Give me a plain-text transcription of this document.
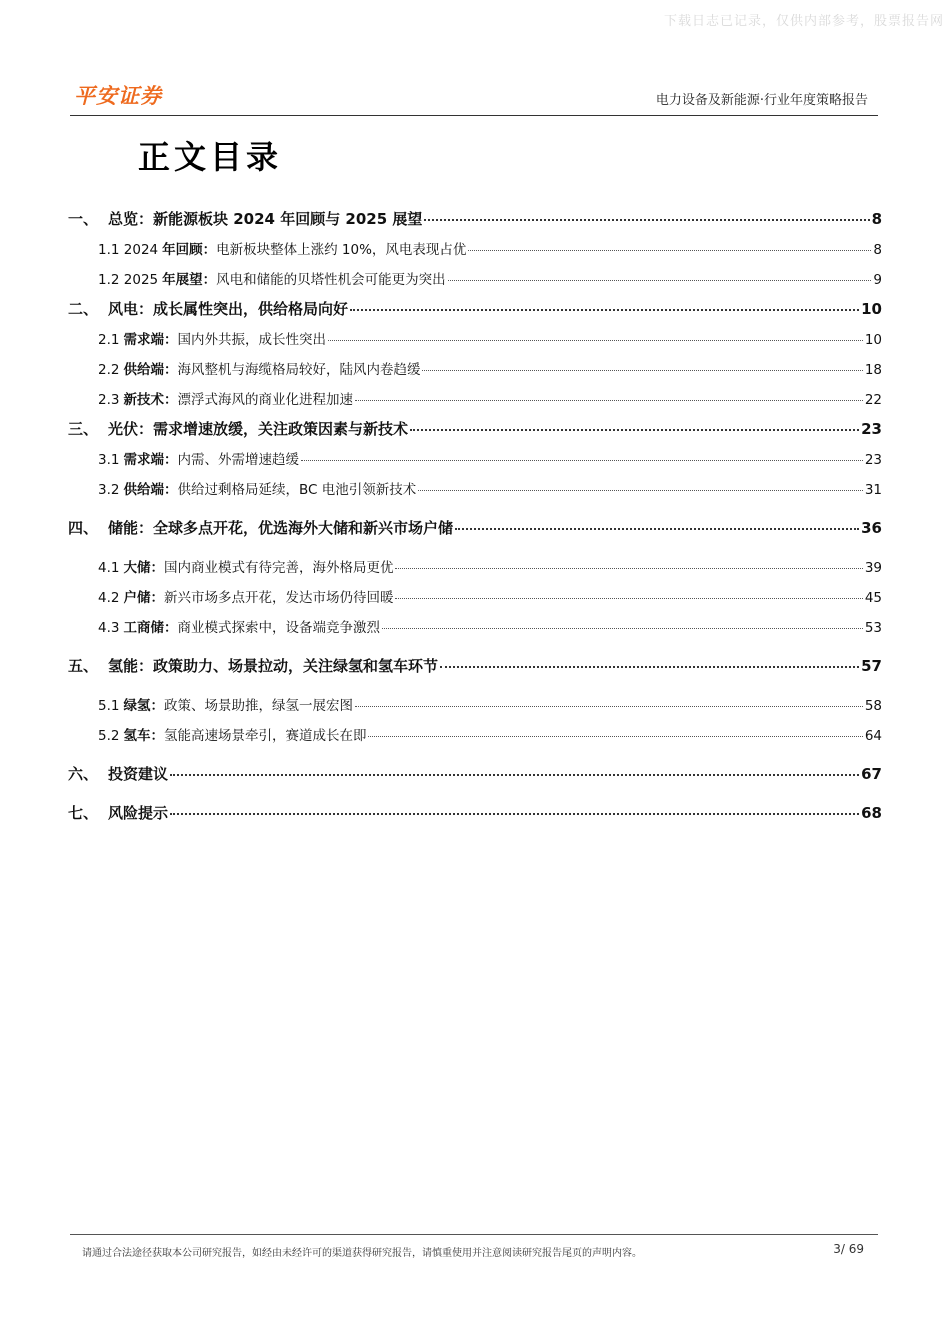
下载日志已记录，仅供内部参考，股票报告网
平安证券	电力设备及新能源·行业年度策略报告
正文目录
一、 总览：新能源板块 2024 年回顾与 2025 展望	8
1.1 2024 年回顾：电新板块整体上涨约 10%，风电表现占优	8
1.2 2025 年展望：风电和储能的贝塔性机会可能更为突出	9
二、 风电：成长属性突出，供给格局向好	10
2.1 需求端：国内外共振，成长性突出	10
2.2 供给端：海风整机与海缆格局较好，陆风内卷趋缓	18
2.3 新技术：漂浮式海风的商业化进程加速	22
三、 光伏：需求增速放缓，关注政策因素与新技术	23
3.1 需求端：内需、外需增速趋缓	23
3.2 供给端：供给过剩格局延续，BC 电池引领新技术	31
四、 储能：全球多点开花，优选海外大储和新兴市场户储	36
4.1 大储：国内商业模式有待完善，海外格局更优	39
4.2 户储：新兴市场多点开花，发达市场仍待回暖	45
4.3 工商储：商业模式探索中，设备端竞争激烈	53
五、 氢能：政策助力、场景拉动，关注绿氢和氢车环节	57
5.1 绿氢：政策、场景助推，绿氢一展宏图	58
5.2 氢车：氢能高速场景牵引，赛道成长在即	64
六、 投资建议	67
七、 风险提示	68
请通过合法途径获取本公司研究报告，如经由未经许可的渠道获得研究报告，请慎重使用并注意阅读研究报告尾页的声明内容。	3/ 69
